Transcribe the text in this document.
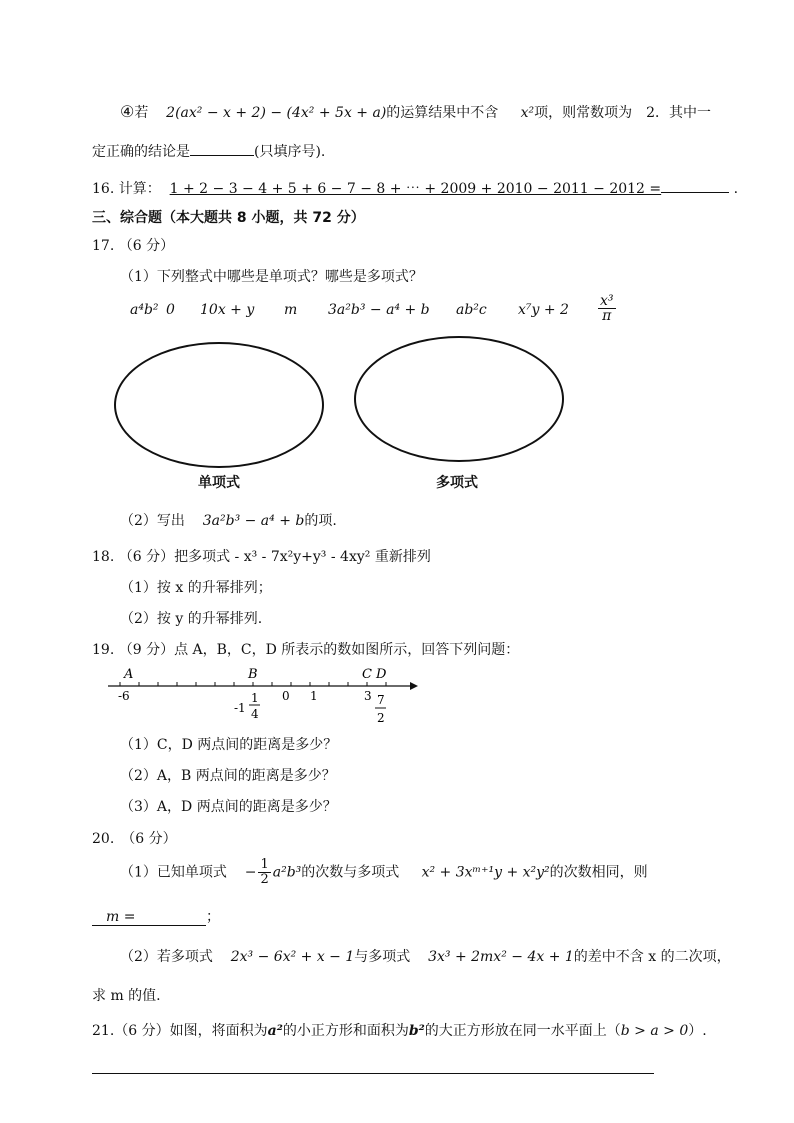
④若 2(ax² − x + 2) − (4x² + 5x + a)的运算结果中不含 x²项，则常数项为　2．其中一
定正确的结论是	(只填序号).
16. 计算： 1 + 2 − 3 − 4 + 5 + 6 − 7 − 8 + ⋯ + 2009 + 2010 − 2011 − 2012 =	.
三、综合题（本大题共 8 小题，共 72 分）
17. （6 分）
（1）下列整式中哪些是单项式？哪些是多项式？
a⁴b² 0 10x + y m 3a²b³ − a⁴ + b ab²c $x^7y + 2 \frac{\text{x³}}{\pi}$
单项式	多项式
（2）写出 3a²b³ − a⁴ + b的项.
18. （6 分）把多项式 - x³ - 7x²y+y³ - 4xy² 重新排列
（1）按 x 的升幂排列；
（2）按 y 的升幂排列.
19. （9 分）点 A，B，C，D 所表示的数如图所示，回答下列问题：
A	B	C D
-6	0 1	3
-1
1
4
7
2
（1）C，D 两点间的距离是多少？
（2）A，B 两点间的距离是多少？
（3）A，D 两点间的距离是多少？
20.　（6 分）
（1）已知单项式 − $\frac{1}{2} a^2b^3$的次数与多项式 x² + 3xᵐ⁺¹y + x²y²的次数相同，则
m =	；
（2）若多项式 2x³ − 6x² + x − 1与多项式 3x³ + 2mx² − 4x + 1的差中不含 x 的二次项，
求 m 的值.
21.（6 分）如图，将面积为a²的小正方形和面积为b²的大正方形放在同一水平面上（b > a > 0）.
